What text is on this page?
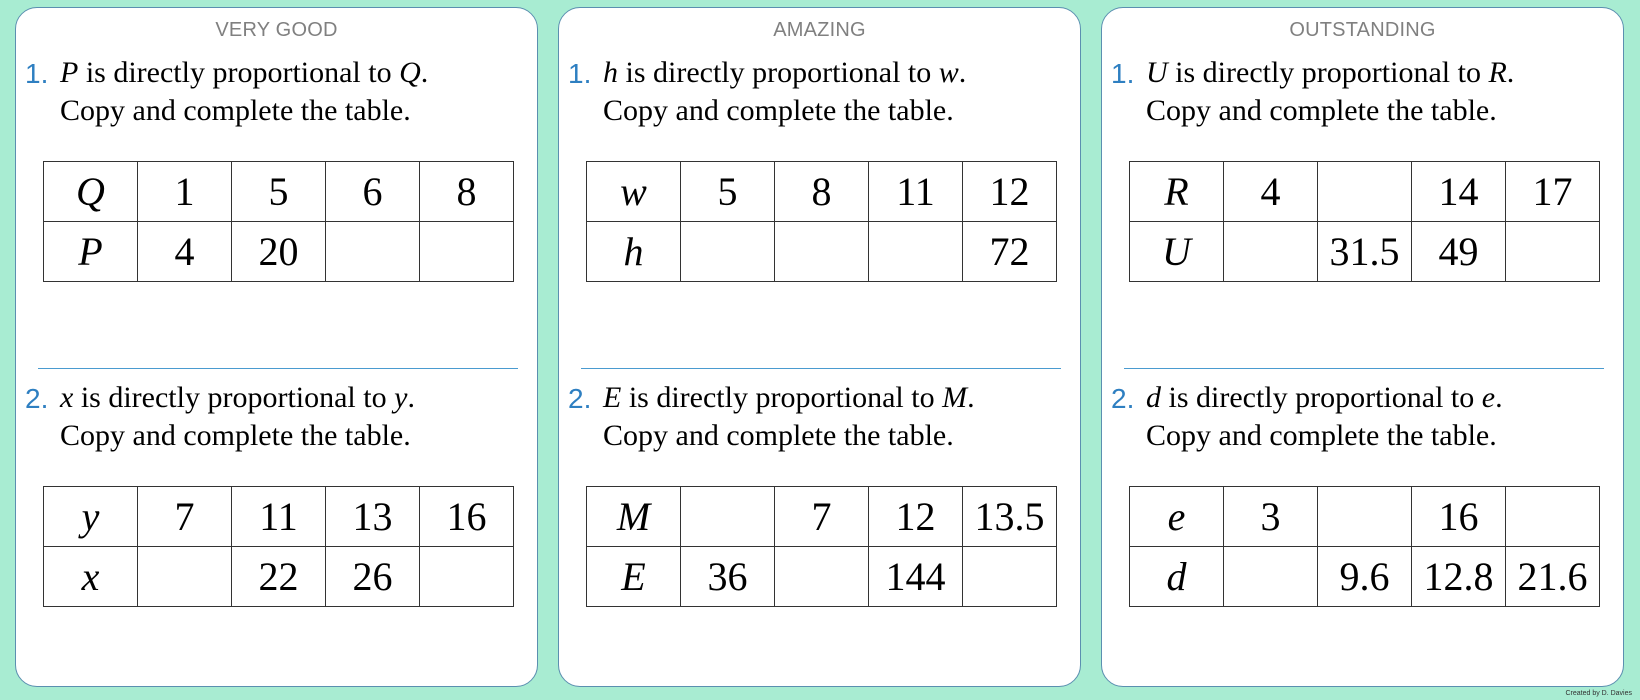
VERY GOOD
1. P is directly proportional to Q.
Copy and complete the table.
Q	1	5	6	8
P	4	20		
2. x is directly proportional to y.
Copy and complete the table.
y	7	11	13	16
x		22	26	
AMAZING
1. h is directly proportional to w.
Copy and complete the table.
w	5	8	11	12
h				72
2. E is directly proportional to M.
Copy and complete the table.
M		7	12	13.5
E	36		144	
OUTSTANDING
1. U is directly proportional to R.
Copy and complete the table.
R	4		14	17
U		31.5	49	
2. d is directly proportional to e.
Copy and complete the table.
e	3		16	
d		9.6	12.8	21.6
Created by D. Davies
